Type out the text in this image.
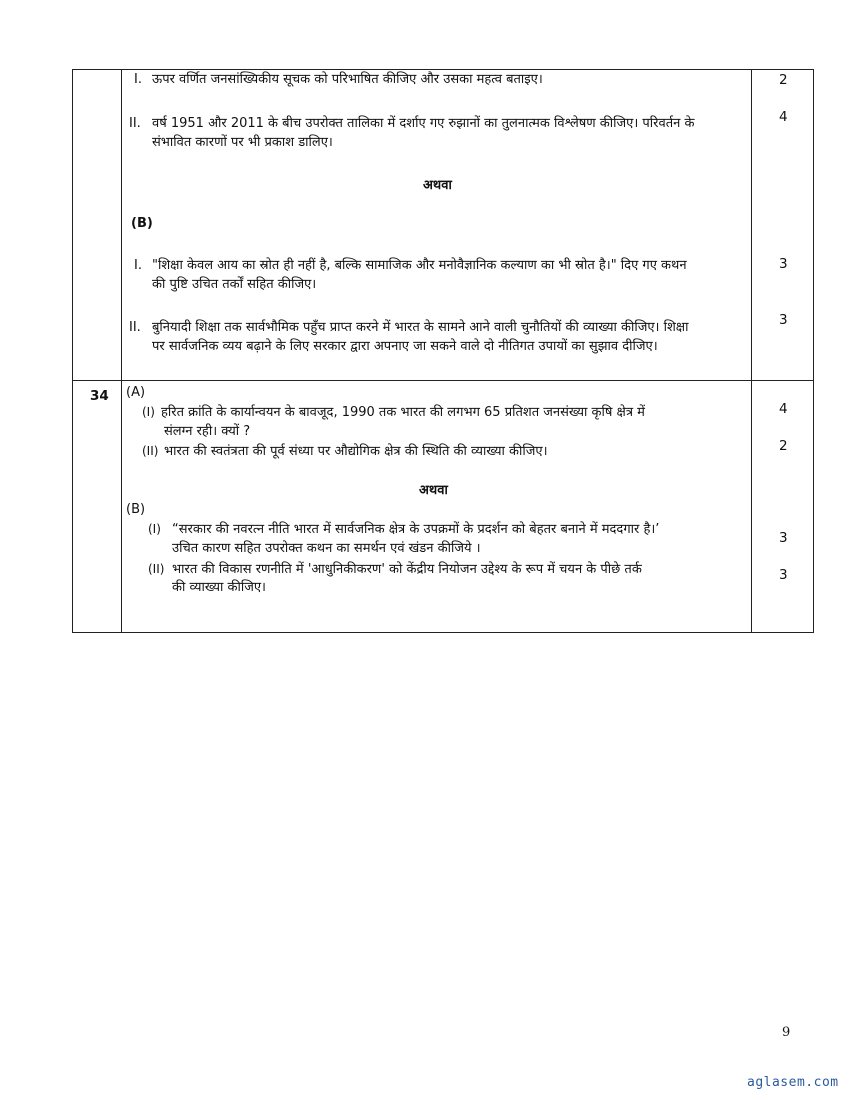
I. ऊपर वर्णित जनसांख्यिकीय सूचक को परिभाषित कीजिए और उसका महत्व बताइए।	2
II. वर्ष 1951 और 2011 के बीच उपरोक्त तालिका में दर्शाए गए रुझानों का तुलनात्मक विश्लेषण कीजिए। परिवर्तन के
संभावित कारणों पर भी प्रकाश डालिए।
4
अथवा
(B)
I. "शिक्षा केवल आय का स्रोत ही नहीं है, बल्कि सामाजिक और मनोवैज्ञानिक कल्याण का भी स्रोत है।" दिए गए कथन
की पुष्टि उचित तर्कों सहित कीजिए।
3
II. बुनियादी शिक्षा तक सार्वभौमिक पहुँच प्राप्त करने में भारत के सामने आने वाली चुनौतियों की व्याख्या कीजिए। शिक्षा
पर सार्वजनिक व्यय बढ़ाने के लिए सरकार द्वारा अपनाए जा सकने वाले दो नीतिगत उपायों का सुझाव दीजिए।
3
34 (A)
(I) हरित क्रांति के कार्यान्वयन के बावजूद, 1990 तक भारत की लगभग 65 प्रतिशत जनसंख्या कृषि क्षेत्र में
संलग्न रही। क्यों ?
4
(II) भारत की स्वतंत्रता की पूर्व संध्या पर औद्योगिक क्षेत्र की स्थिति की व्याख्या कीजिए।	2
अथवा
(B)
(I) “सरकार की नवरत्न नीति भारत में सार्वजनिक क्षेत्र के उपक्रमों के प्रदर्शन को बेहतर बनाने में मददगार है।’
उचित कारण सहित उपरोक्त कथन का समर्थन एवं खंडन कीजिये ।
3
(II) भारत की विकास रणनीति में 'आधुनिकीकरण' को केंद्रीय नियोजन उद्देश्य के रूप में चयन के पीछे तर्क
की व्याख्या कीजिए।
3
9
aglasem.com
